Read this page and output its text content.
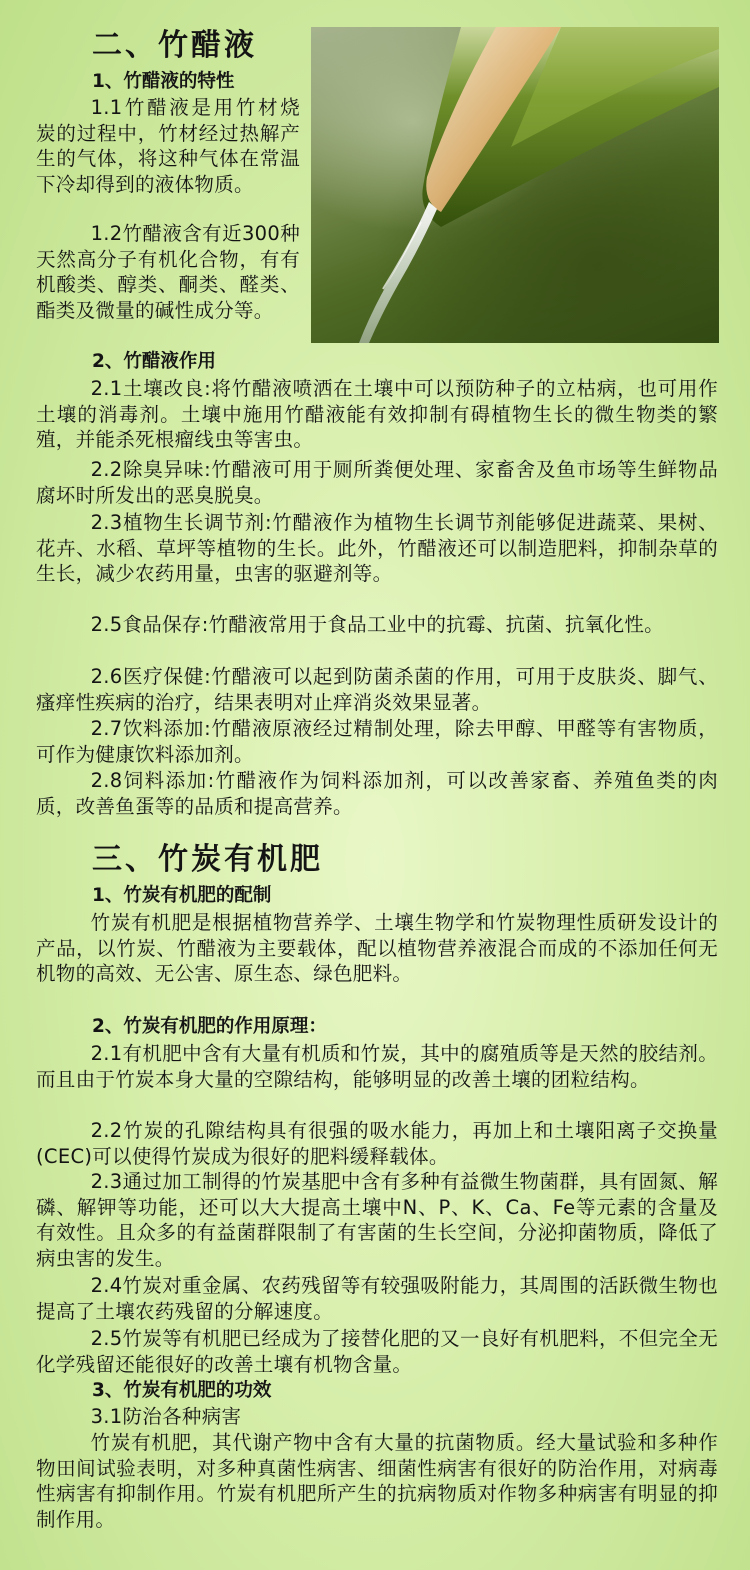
二、竹醋液
1、竹醋液的特性

1.1竹醋液是用竹材烧炭的过程中，竹材经过热解产生的气体，将这种气体在常温下冷却得到的液体物质。

1.2竹醋液含有近300种天然高分子有机化合物，有有机酸类、醇类、酮类、醛类、酯类及微量的碱性成分等。

2、竹醋液作用

2.1土壤改良:将竹醋液喷洒在土壤中可以预防种子的立枯病，也可用作土壤的消毒剂。土壤中施用竹醋液能有效抑制有碍植物生长的微生物类的繁殖，并能杀死根瘤线虫等害虫。

2.2除臭异味:竹醋液可用于厕所粪便处理、家畜舍及鱼市场等生鲜物品腐坏时所发出的恶臭脱臭。

2.3植物生长调节剂:竹醋液作为植物生长调节剂能够促进蔬菜、果树、花卉、水稻、草坪等植物的生长。此外，竹醋液还可以制造肥料，抑制杂草的生长，减少农药用量，虫害的驱避剂等。

2.5食品保存:竹醋液常用于食品工业中的抗霉、抗菌、抗氧化性。

2.6医疗保健:竹醋液可以起到防菌杀菌的作用，可用于皮肤炎、脚气、瘙痒性疾病的治疗，结果表明对止痒消炎效果显著。

2.7饮料添加:竹醋液原液经过精制处理，除去甲醇、甲醛等有害物质，可作为健康饮料添加剂。

2.8饲料添加:竹醋液作为饲料添加剂，可以改善家畜、养殖鱼类的肉质，改善鱼蛋等的品质和提高营养。

三、竹炭有机肥
1、竹炭有机肥的配制

竹炭有机肥是根据植物营养学、土壤生物学和竹炭物理性质研发设计的产品，以竹炭、竹醋液为主要载体，配以植物营养液混合而成的不添加任何无机物的高效、无公害、原生态、绿色肥料。

2、竹炭有机肥的作用原理：

2.1有机肥中含有大量有机质和竹炭，其中的腐殖质等是天然的胶结剂。而且由于竹炭本身大量的空隙结构，能够明显的改善土壤的团粒结构。

2.2竹炭的孔隙结构具有很强的吸水能力，再加上和土壤阳离子交换量(CEC)可以使得竹炭成为很好的肥料缓释载体。

2.3通过加工制得的竹炭基肥中含有多种有益微生物菌群，具有固氮、解磷、解钾等功能，还可以大大提高土壤中N、P、K、Ca、Fe等元素的含量及有效性。且众多的有益菌群限制了有害菌的生长空间，分泌抑菌物质，降低了病虫害的发生。

2.4竹炭对重金属、农药残留等有较强吸附能力，其周围的活跃微生物也提高了土壤农药残留的分解速度。

2.5竹炭等有机肥已经成为了接替化肥的又一良好有机肥料，不但完全无化学残留还能很好的改善土壤有机物含量。

3、竹炭有机肥的功效

3.1防治各种病害

竹炭有机肥，其代谢产物中含有大量的抗菌物质。经大量试验和多种作物田间试验表明，对多种真菌性病害、细菌性病害有很好的防治作用，对病毒性病害有抑制作用。竹炭有机肥所产生的抗病物质对作物多种病害有明显的抑制作用。
